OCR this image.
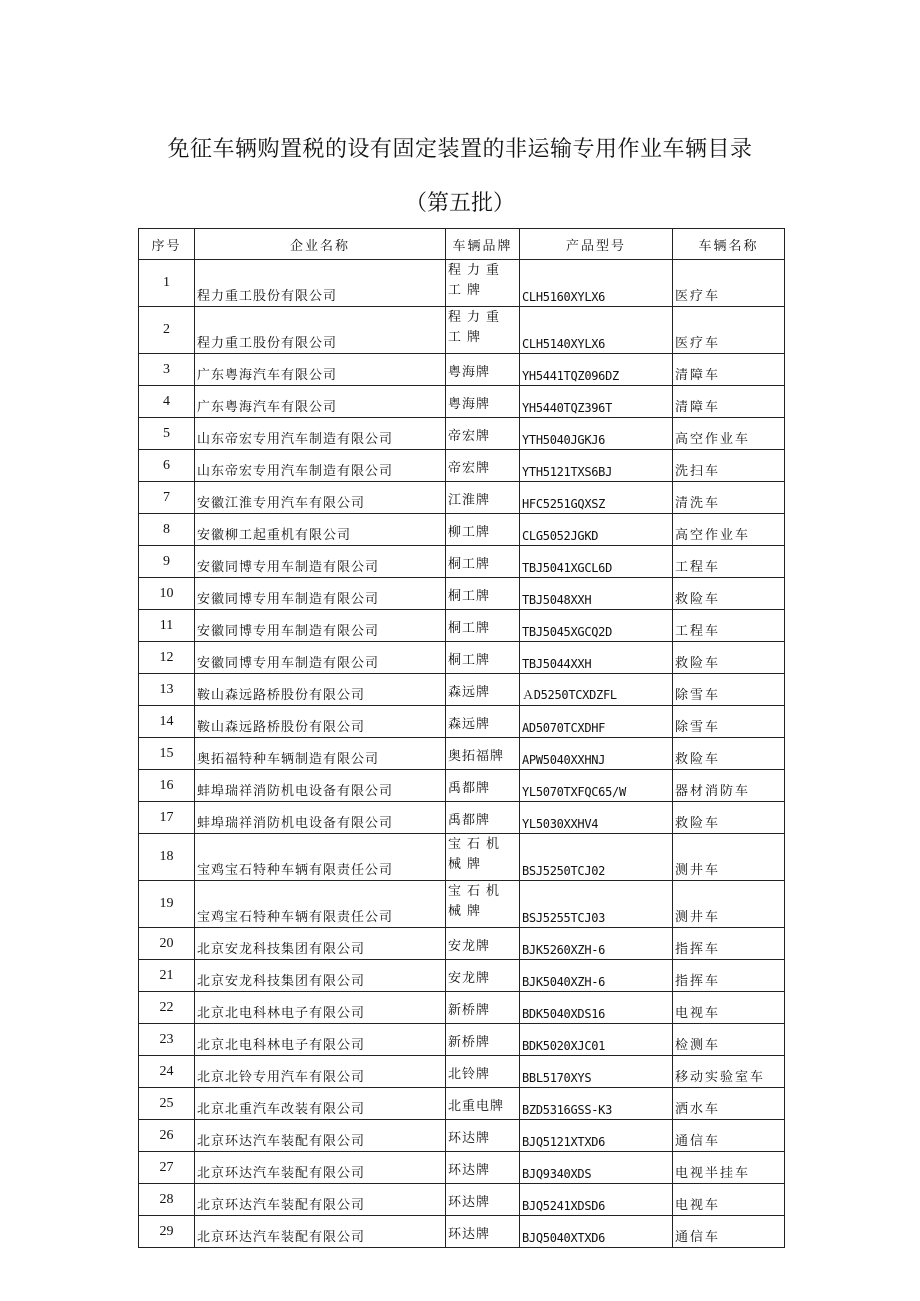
免征车辆购置税的设有固定装置的非运输专用作业车辆目录
（第五批）
序号	企业名称	车辆品牌	产品型号	车辆名称
1	程力重工股份有限公司	程力重工牌	CLH5160XYLX6	医疗车
2	程力重工股份有限公司	程力重工牌	CLH5140XYLX6	医疗车
3	广东粤海汽车有限公司	粤海牌	YH5441TQZ096DZ	清障车
4	广东粤海汽车有限公司	粤海牌	YH5440TQZ396T	清障车
5	山东帝宏专用汽车制造有限公司	帝宏牌	YTH5040JGKJ6	高空作业车
6	山东帝宏专用汽车制造有限公司	帝宏牌	YTH5121TXS6BJ	洗扫车
7	安徽江淮专用汽车有限公司	江淮牌	HFC5251GQXSZ	清洗车
8	安徽柳工起重机有限公司	柳工牌	CLG5052JGKD	高空作业车
9	安徽同博专用车制造有限公司	桐工牌	TBJ5041XGCL6D	工程车
10	安徽同博专用车制造有限公司	桐工牌	TBJ5048XXH	救险车
11	安徽同博专用车制造有限公司	桐工牌	TBJ5045XGCQ2D	工程车
12	安徽同博专用车制造有限公司	桐工牌	TBJ5044XXH	救险车
13	鞍山森远路桥股份有限公司	森远牌	ＡD5250TCXDZFL	除雪车
14	鞍山森远路桥股份有限公司	森远牌	AD5070TCXDHF	除雪车
15	奥拓福特种车辆制造有限公司	奥拓福牌	APW5040XXHNJ	救险车
16	蚌埠瑞祥消防机电设备有限公司	禹都牌	YL5070TXFQC65/W	器材消防车
17	蚌埠瑞祥消防机电设备有限公司	禹都牌	YL5030XXHV4	救险车
18	宝鸡宝石特种车辆有限责任公司	宝石机械牌	BSJ5250TCJ02	测井车
19	宝鸡宝石特种车辆有限责任公司	宝石机械牌	BSJ5255TCJ03	测井车
20	北京安龙科技集团有限公司	安龙牌	BJK5260XZH-6	指挥车
21	北京安龙科技集团有限公司	安龙牌	BJK5040XZH-6	指挥车
22	北京北电科林电子有限公司	新桥牌	BDK5040XDS16	电视车
23	北京北电科林电子有限公司	新桥牌	BDK5020XJC01	检测车
24	北京北铃专用汽车有限公司	北铃牌	BBL5170XYS	移动实验室车
25	北京北重汽车改装有限公司	北重电牌	BZD5316GSS-K3	洒水车
26	北京环达汽车装配有限公司	环达牌	BJQ5121XTXD6	通信车
27	北京环达汽车装配有限公司	环达牌	BJQ9340XDS	电视半挂车
28	北京环达汽车装配有限公司	环达牌	BJQ5241XDSD6	电视车
29	北京环达汽车装配有限公司	环达牌	BJQ5040XTXD6	通信车
